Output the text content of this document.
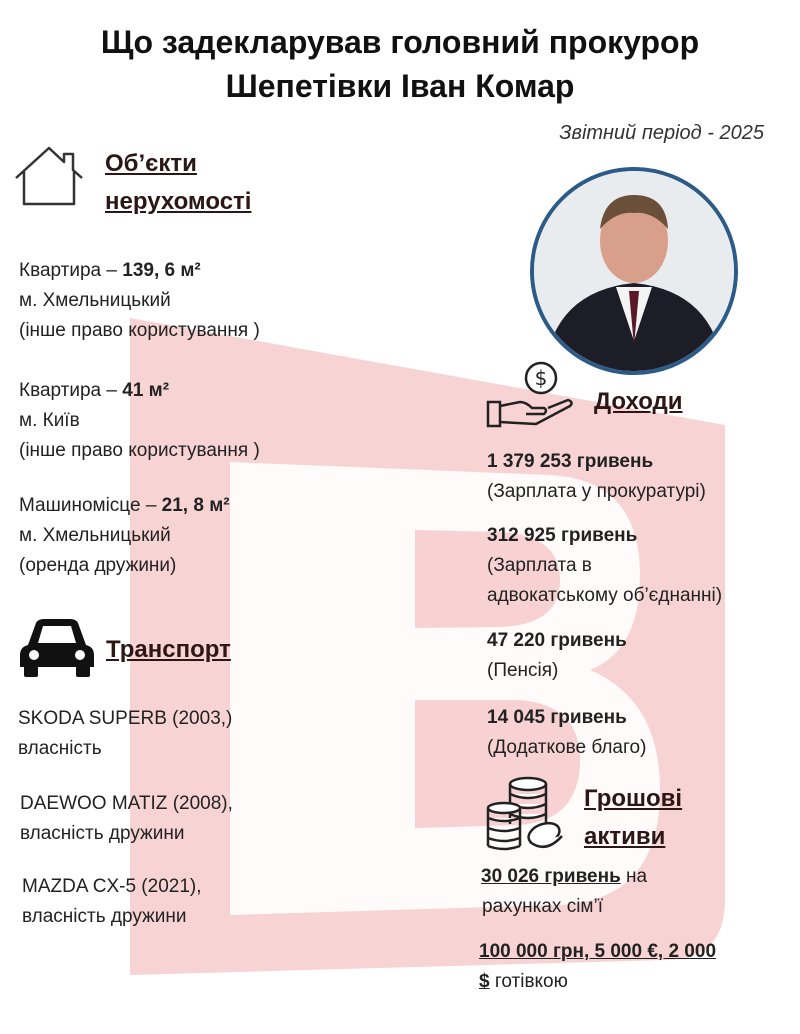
Що задекларував головний прокурор
Шепетівки Іван Комар
Звітний період - 2025
Об’єкти
нерухомості
Квартира – 139, 6 м²
м. Хмельницький
(інше право користування )
Квартира – 41 м²
м. Київ
(інше право користування )
Машиномісце – 21, 8 м²
м. Хмельницький
(оренда дружини)
Транспорт
SKODA SUPERB (2003,)
власність
DAEWOO MATIZ (2008),
власність дружини
MAZDA CX-5 (2021),
власність дружини
$
Доходи
1 379 253 гривень
(Зарплата у прокуратурі)
312 925 гривень
(Зарплата в
адвокатському об’єднанні)
47 220 гривень
(Пенсія)
14 045 гривень
(Додаткове благо)
Грошові
активи
30 026 гривень на
рахунках сім’ї
100 000 грн, 5 000 €, 2 000
$ готівкою
